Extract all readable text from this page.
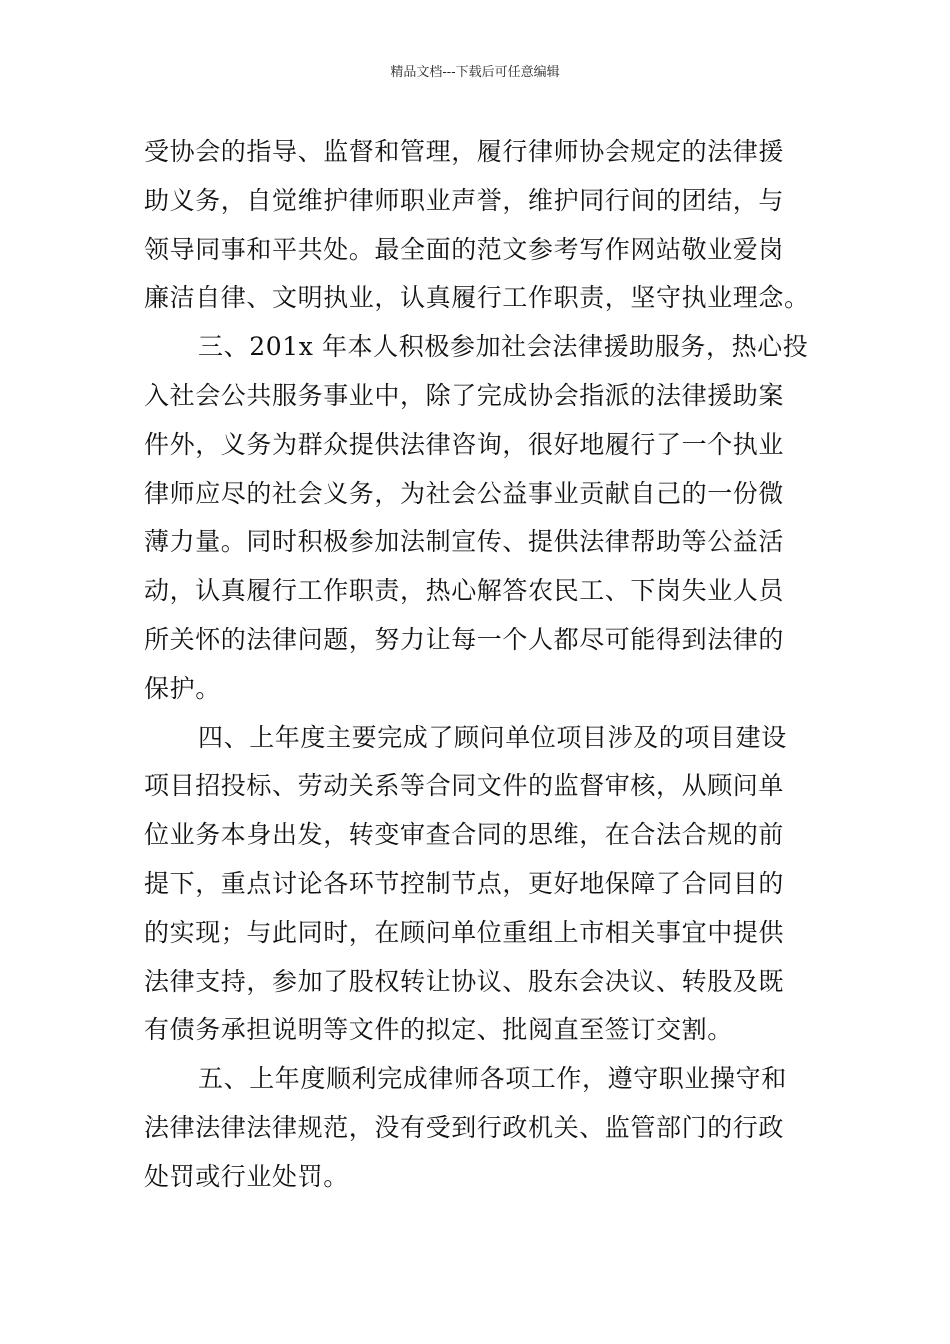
精品文档---下载后可任意编辑
受协会的指导、监督和管理，履行律师协会规定的法律援
助义务，自觉维护律师职业声誉，维护同行间的团结，与
领导同事和平共处。最全面的范文参考写作网站敬业爱岗
廉洁自律、文明执业，认真履行工作职责，坚守执业理念。
三、201x 年本人积极参加社会法律援助服务，热心投
入社会公共服务事业中，除了完成协会指派的法律援助案
件外，义务为群众提供法律咨询，很好地履行了一个执业
律师应尽的社会义务，为社会公益事业贡献自己的一份微
薄力量。同时积极参加法制宣传、提供法律帮助等公益活
动，认真履行工作职责，热心解答农民工、下岗失业人员
所关怀的法律问题，努力让每一个人都尽可能得到法律的
保护。
四、上年度主要完成了顾问单位项目涉及的项目建设
项目招投标、劳动关系等合同文件的监督审核，从顾问单
位业务本身出发，转变审查合同的思维，在合法合规的前
提下，重点讨论各环节控制节点，更好地保障了合同目的
的实现；与此同时，在顾问单位重组上市相关事宜中提供
法律支持，参加了股权转让协议、股东会决议、转股及既
有债务承担说明等文件的拟定、批阅直至签订交割。
五、上年度顺利完成律师各项工作，遵守职业操守和
法律法律法律规范，没有受到行政机关、监管部门的行政
处罚或行业处罚。
